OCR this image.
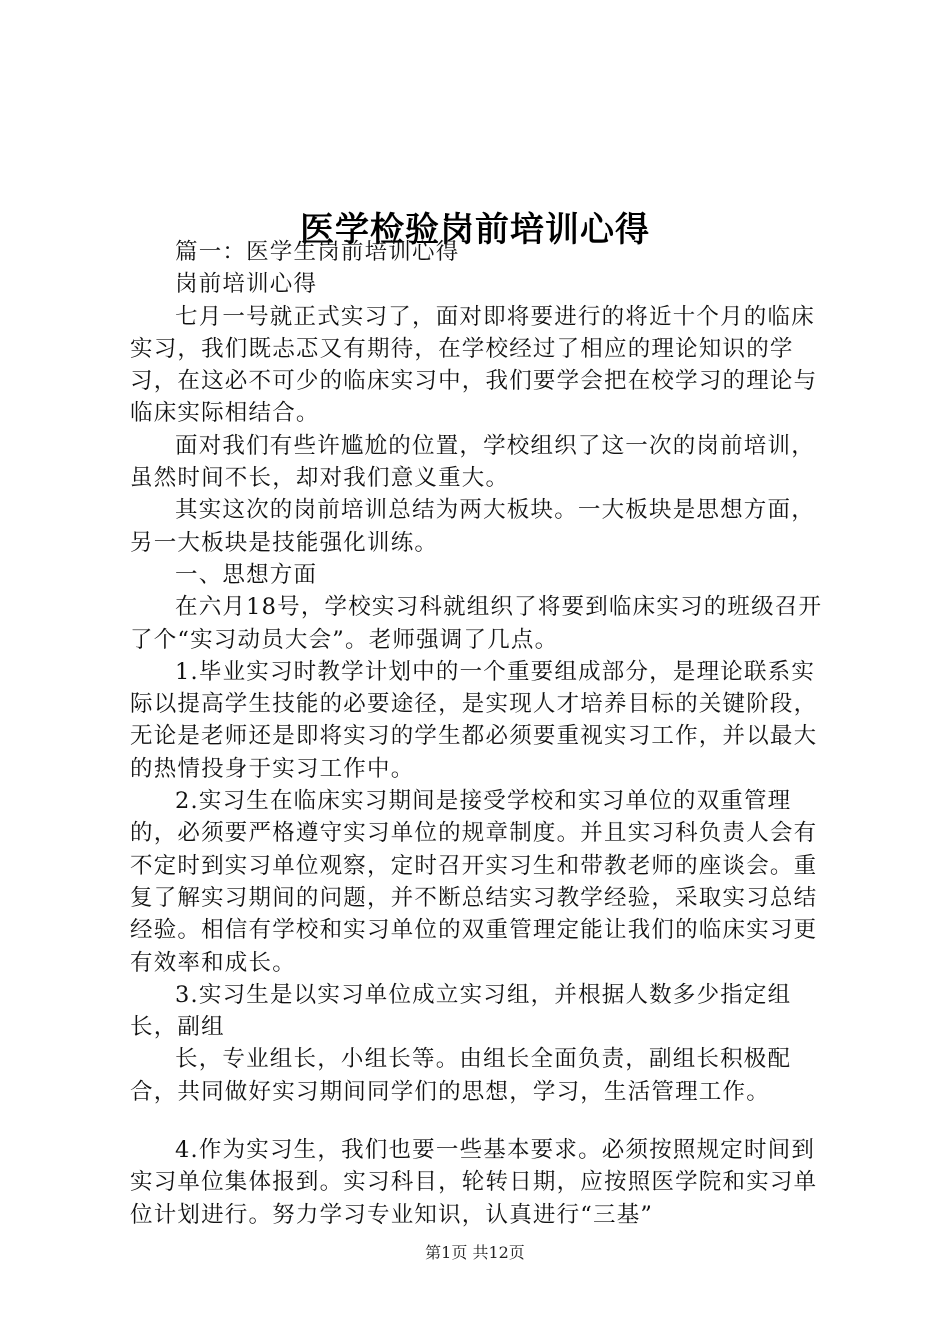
医学检验岗前培训心得

篇一：医学生岗前培训心得

岗前培训心得

七月一号就正式实习了，面对即将要进行的将近十个月的临床实习，我们既忐忑又有期待，在学校经过了相应的理论知识的学习，在这必不可少的临床实习中，我们要学会把在校学习的理论与临床实际相结合。

面对我们有些许尴尬的位置，学校组织了这一次的岗前培训，虽然时间不长，却对我们意义重大。

其实这次的岗前培训总结为两大板块。一大板块是思想方面，另一大板块是技能强化训练。

一、思想方面

在六月18号，学校实习科就组织了将要到临床实习的班级召开了个“实习动员大会”。老师强调了几点。

1.毕业实习时教学计划中的一个重要组成部分，是理论联系实际以提高学生技能的必要途径，是实现人才培养目标的关键阶段，无论是老师还是即将实习的学生都必须要重视实习工作，并以最大的热情投身于实习工作中。

2.实习生在临床实习期间是接受学校和实习单位的双重管理的，必须要严格遵守实习单位的规章制度。并且实习科负责人会有不定时到实习单位观察，定时召开实习生和带教老师的座谈会。重复了解实习期间的问题，并不断总结实习教学经验，采取实习总结经验。相信有学校和实习单位的双重管理定能让我们的临床实习更有效率和成长。

3.实习生是以实习单位成立实习组，并根据人数多少指定组长，副组

长，专业组长，小组长等。由组长全面负责，副组长积极配合，共同做好实习期间同学们的思想，学习，生活管理工作。

4.作为实习生，我们也要一些基本要求。必须按照规定时间到实习单位集体报到。实习科目，轮转日期，应按照医学院和实习单位计划进行。努力学习专业知识，认真进行“三基”

第1页 共12页
